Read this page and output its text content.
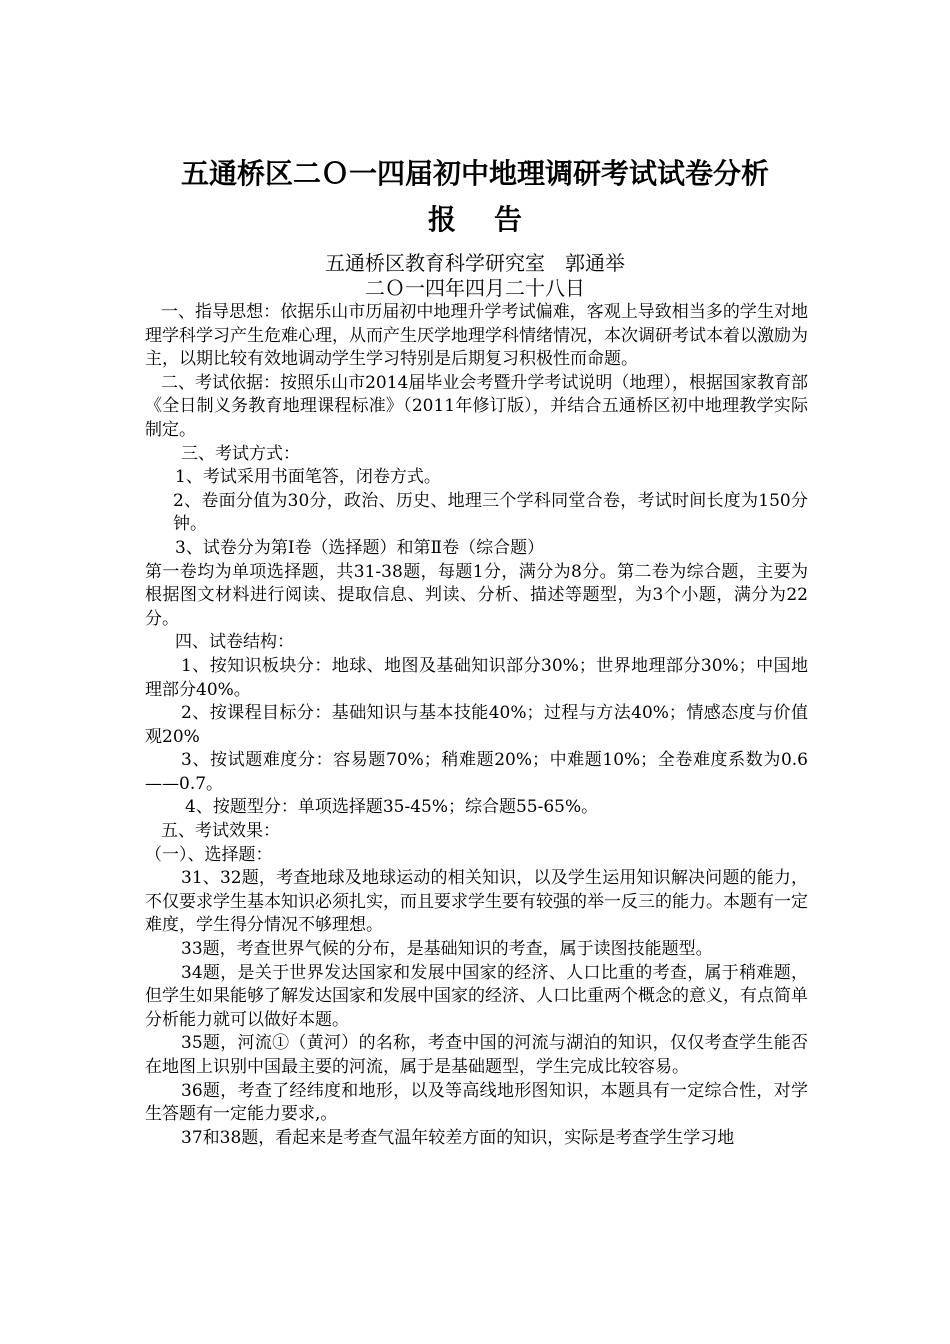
五通桥区二Ｏ一四届初中地理调研考试试卷分析
报告
五通桥区教育科学研究室　郭通举
二Ｏ一四年四月二十八日

一、指导思想：依据乐山市历届初中地理升学考试偏难，客观上导致相当多的学生对地理学科学习产生危难心理，从而产生厌学地理学科情绪情况，本次调研考试本着以激励为主，以期比较有效地调动学生学习特别是后期复习积极性而命题。

二、考试依据：按照乐山市2014届毕业会考暨升学考试说明（地理），根据国家教育部《全日制义务教育地理课程标准》（2011年修订版），并结合五通桥区初中地理教学实际制定。

三、考试方式：

1、考试采用书面笔答，闭卷方式。

2、卷面分值为30分，政治、历史、地理三个学科同堂合卷，考试时间长度为150分钟。

3、试卷分为第Ⅰ卷（选择题）和第Ⅱ卷（综合题）

第一卷均为单项选择题，共31-38题，每题1分，满分为8分。第二卷为综合题，主要为根据图文材料进行阅读、提取信息、判读、分析、描述等题型，为3个小题，满分为22分。

四、试卷结构：

1、按知识板块分：地球、地图及基础知识部分30%；世界地理部分30%；中国地理部分40%。

2、按课程目标分：基础知识与基本技能40%；过程与方法40%；情感态度与价值观20%

3、按试题难度分：容易题70%；稍难题20%；中难题10%；全卷难度系数为0.6——0.7。

4、按题型分：单项选择题35-45%；综合题55-65%。

五、考试效果：

（一）、选择题：

31、32题，考查地球及地球运动的相关知识，以及学生运用知识解决问题的能力，不仅要求学生基本知识必须扎实，而且要求学生要有较强的举一反三的能力。本题有一定难度，学生得分情况不够理想。

33题，考查世界气候的分布，是基础知识的考查，属于读图技能题型。

34题，是关于世界发达国家和发展中国家的经济、人口比重的考查，属于稍难题，但学生如果能够了解发达国家和发展中国家的经济、人口比重两个概念的意义，有点简单分析能力就可以做好本题。

35题，河流①（黄河）的名称，考查中国的河流与湖泊的知识，仅仅考查学生能否在地图上识别中国最主要的河流，属于是基础题型，学生完成比较容易。

36题，考查了经纬度和地形，以及等高线地形图知识，本题具有一定综合性，对学生答题有一定能力要求,。

37和38题，看起来是考查气温年较差方面的知识，实际是考查学生学习地
